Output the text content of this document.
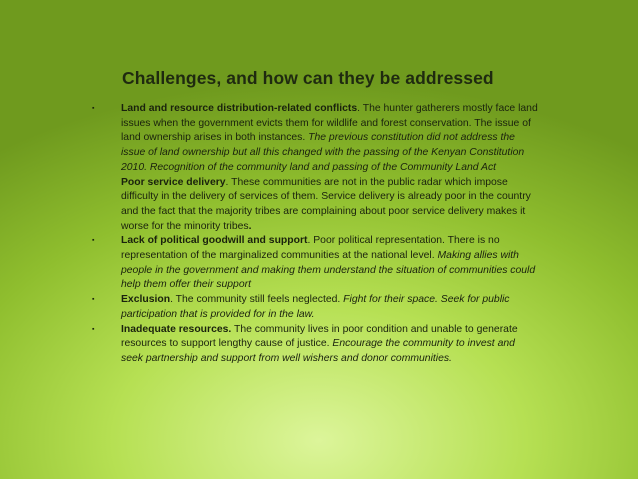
Challenges, and how can they be addressed

▪
Land and resource distribution-related conflicts. The hunter gatherers mostly face land issues when the government evicts them for wildlife and forest conservation. The issue of land ownership arises in both instances. The previous constitution did not address the issue of land ownership but all this changed with the passing of the Kenyan Constitution 2010. Recognition of the community land and passing of the Community Land Act

Poor service delivery. These communities are not in the public radar which impose difficulty in the delivery of services of them. Service delivery is already poor in the country and the fact that the majority tribes are complaining about poor service delivery makes it worse for the minority tribes.

▪
Lack of political goodwill and support. Poor political representation. There is no representation of the marginalized communities at the national level. Making allies with people in the government and making them understand the situation of communities could help them offer their support

▪
Exclusion. The community still feels neglected. Fight for their space. Seek for public participation that is provided for in the law.

▪
Inadequate resources. The community lives in poor condition and unable to generate resources to support lengthy cause of justice. Encourage the community to invest and seek partnership and support from well wishers and donor communities.
